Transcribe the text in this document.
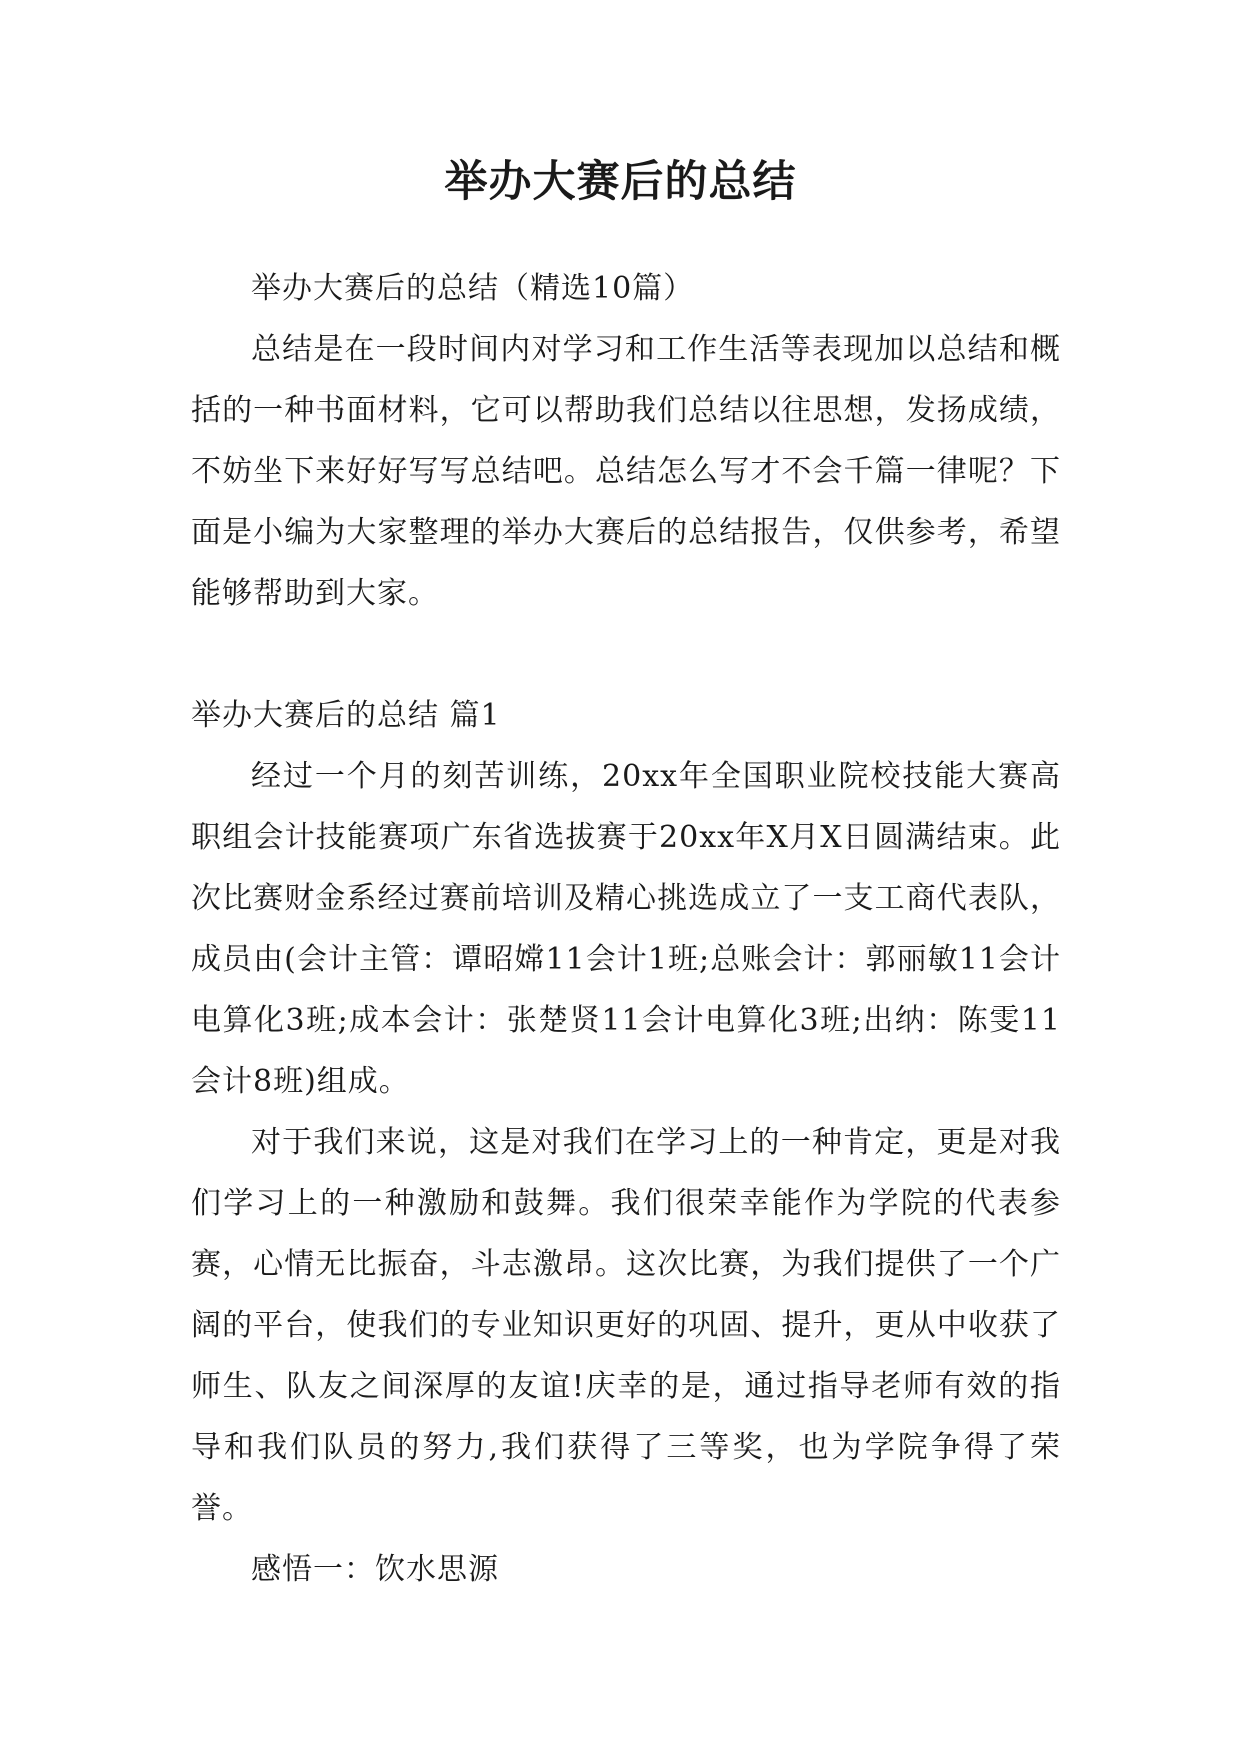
举办大赛后的总结

举办大赛后的总结（精选10篇）

总结是在一段时间内对学习和工作生活等表现加以总结和概括的一种书面材料，它可以帮助我们总结以往思想，发扬成绩，不妨坐下来好好写写总结吧。总结怎么写才不会千篇一律呢？下面是小编为大家整理的举办大赛后的总结报告，仅供参考，希望能够帮助到大家。

举办大赛后的总结 篇1

经过一个月的刻苦训练，20xx年全国职业院校技能大赛高职组会计技能赛项广东省选拔赛于20xx年X月X日圆满结束。此次比赛财金系经过赛前培训及精心挑选成立了一支工商代表队，成员由(会计主管：谭昭嫦11会计1班;总账会计：郭丽敏11会计电算化3班;成本会计：张楚贤11会计电算化3班;出纳：陈雯11会计8班)组成。

对于我们来说，这是对我们在学习上的一种肯定，更是对我们学习上的一种激励和鼓舞。我们很荣幸能作为学院的代表参赛，心情无比振奋，斗志激昂。这次比赛，为我们提供了一个广阔的平台，使我们的专业知识更好的巩固、提升，更从中收获了师生、队友之间深厚的友谊!庆幸的是，通过指导老师有效的指导和我们队员的努力,我们获得了三等奖，也为学院争得了荣誉。

感悟一：饮水思源
